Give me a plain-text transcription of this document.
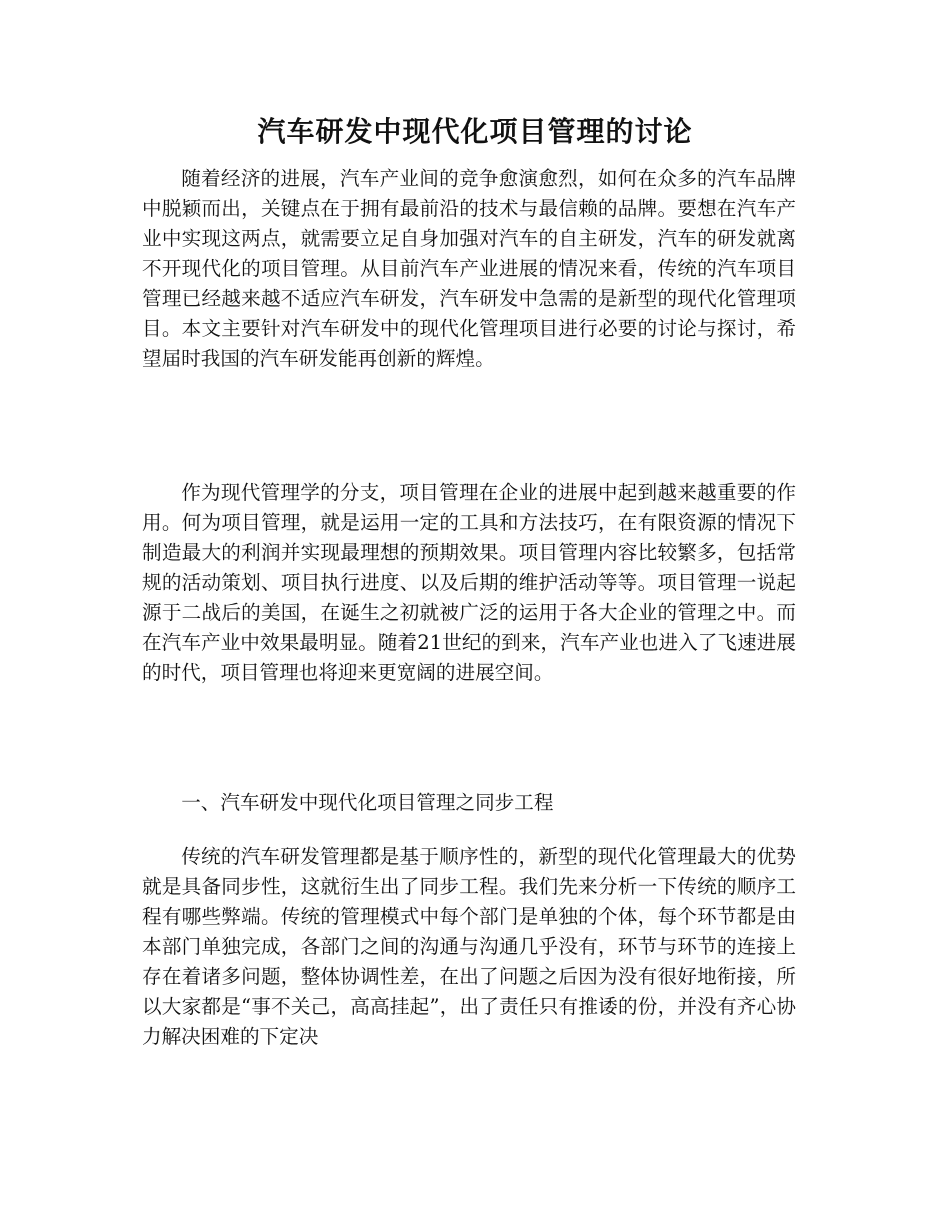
汽车研发中现代化项目管理的讨论

随着经济的进展，汽车产业间的竞争愈演愈烈，如何在众多的汽车品牌中脱颖而出，关键点在于拥有最前沿的技术与最信赖的品牌。要想在汽车产业中实现这两点，就需要立足自身加强对汽车的自主研发，汽车的研发就离不开现代化的项目管理。从目前汽车产业进展的情况来看，传统的汽车项目管理已经越来越不适应汽车研发，汽车研发中急需的是新型的现代化管理项目。本文主要针对汽车研发中的现代化管理项目进行必要的讨论与探讨，希望届时我国的汽车研发能再创新的辉煌。

作为现代管理学的分支，项目管理在企业的进展中起到越来越重要的作用。何为项目管理，就是运用一定的工具和方法技巧，在有限资源的情况下制造最大的利润并实现最理想的预期效果。项目管理内容比较繁多，包括常规的活动策划、项目执行进度、以及后期的维护活动等等。项目管理一说起源于二战后的美国，在诞生之初就被广泛的运用于各大企业的管理之中。而在汽车产业中效果最明显。随着21世纪的到来，汽车产业也进入了飞速进展的时代，项目管理也将迎来更宽阔的进展空间。

一、汽车研发中现代化项目管理之同步工程

传统的汽车研发管理都是基于顺序性的，新型的现代化管理最大的优势就是具备同步性，这就衍生出了同步工程。我们先来分析一下传统的顺序工程有哪些弊端。传统的管理模式中每个部门是单独的个体，每个环节都是由本部门单独完成，各部门之间的沟通与沟通几乎没有，环节与环节的连接上存在着诸多问题，整体协调性差，在出了问题之后因为没有很好地衔接，所以大家都是“事不关己，高高挂起”，出了责任只有推诿的份，并没有齐心协力解决困难的下定决
